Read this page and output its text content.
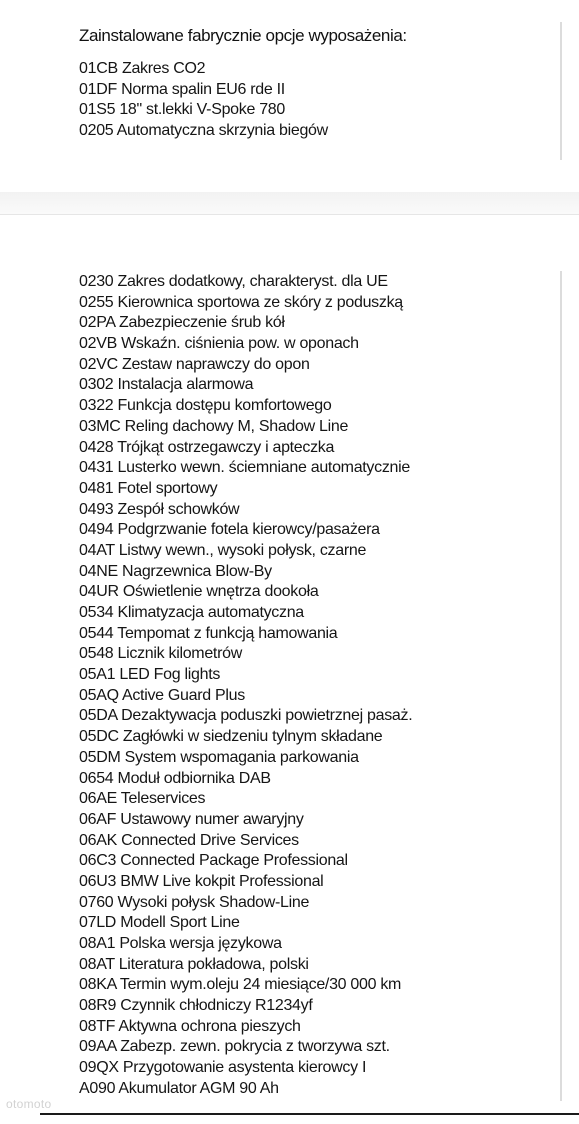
Zainstalowane fabrycznie opcje wyposażenia:
01CB Zakres CO2
01DF Norma spalin EU6 rde II
01S5 18" st.lekki V-Spoke 780
0205 Automatyczna skrzynia biegów
0230 Zakres dodatkowy, charakteryst. dla UE
0255 Kierownica sportowa ze skóry z poduszką
02PA Zabezpieczenie śrub kół
02VB Wskaźn. ciśnienia pow. w oponach
02VC Zestaw naprawczy do opon
0302 Instalacja alarmowa
0322 Funkcja dostępu komfortowego
03MC Reling dachowy M, Shadow Line
0428 Trójkąt ostrzegawczy i apteczka
0431 Lusterko wewn. ściemniane automatycznie
0481 Fotel sportowy
0493 Zespół schowków
0494 Podgrzwanie fotela kierowcy/pasażera
04AT Listwy wewn., wysoki połysk, czarne
04NE Nagrzewnica Blow-By
04UR Oświetlenie wnętrza dookoła
0534 Klimatyzacja automatyczna
0544 Tempomat z funkcją hamowania
0548 Licznik kilometrów
05A1 LED Fog lights
05AQ Active Guard Plus
05DA Dezaktywacja poduszki powietrznej pasaż.
05DC Zagłówki w siedzeniu tylnym składane
05DM System wspomagania parkowania
0654 Moduł odbiornika DAB
06AE Teleservices
06AF Ustawowy numer awaryjny
06AK Connected Drive Services
06C3 Connected Package Professional
06U3 BMW Live kokpit Professional
0760 Wysoki połysk Shadow-Line
07LD Modell Sport Line
08A1 Polska wersja językowa
08AT Literatura pokładowa, polski
08KA Termin wym.oleju 24 miesiące/30 000 km
08R9 Czynnik chłodniczy R1234yf
08TF Aktywna ochrona pieszych
09AA Zabezp. zewn. pokrycia z tworzywa szt.
09QX Przygotowanie asystenta kierowcy I
A090 Akumulator AGM 90 Ah
otomoto
